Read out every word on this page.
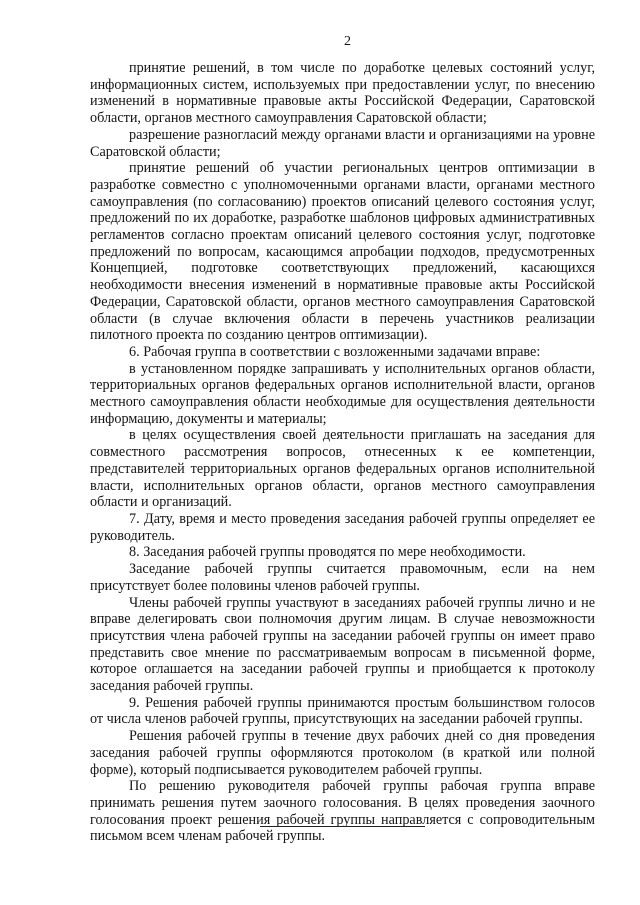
2

принятие решений, в том числе по доработке целевых состояний услуг, информационных систем, используемых при предоставлении услуг, по внесению изменений в нормативные правовые акты Российской Федерации, Саратовской области, органов местного самоуправления Саратовской области;

разрешение разногласий между органами власти и организациями на уровне Саратовской области;

принятие решений об участии региональных центров оптимизации в разработке совместно с уполномоченными органами власти, органами местного самоуправления (по согласованию) проектов описаний целевого состояния услуг, предложений по их доработке, разработке шаблонов цифровых административных регламентов согласно проектам описаний целевого состояния услуг, подготовке предложений по вопросам, касающимся апробации подходов, предусмотренных Концепцией, подготовке соответствующих предложений, касающихся необходимости внесения изменений в нормативные правовые акты Российской Федерации, Саратовской области, органов местного самоуправления Саратовской области (в случае включения области в перечень участников реализации пилотного проекта по созданию центров оптимизации).

6. Рабочая группа в соответствии с возложенными задачами вправе:

в установленном порядке запрашивать у исполнительных органов области, территориальных органов федеральных органов исполнительной власти, органов местного самоуправления области необходимые для осуществления деятельности информацию, документы и материалы;

в целях осуществления своей деятельности приглашать на заседания для совместного рассмотрения вопросов, отнесенных к ее компетенции, представителей территориальных органов федеральных органов исполнительной власти, исполнительных органов области, органов местного самоуправления области и организаций.

7. Дату, время и место проведения заседания рабочей группы определяет ее руководитель.

8. Заседания рабочей группы проводятся по мере необходимости.

Заседание рабочей группы считается правомочным, если на нем присутствует более половины членов рабочей группы.

Члены рабочей группы участвуют в заседаниях рабочей группы лично и не вправе делегировать свои полномочия другим лицам. В случае невозможности присутствия члена рабочей группы на заседании рабочей группы он имеет право представить свое мнение по рассматриваемым вопросам в письменной форме, которое оглашается на заседании рабочей группы и приобщается к протоколу заседания рабочей группы.

9. Решения рабочей группы принимаются простым большинством голосов от числа членов рабочей группы, присутствующих на заседании рабочей группы.

Решения рабочей группы в течение двух рабочих дней со дня проведения заседания рабочей группы оформляются протоколом (в краткой или полной форме), который подписывается руководителем рабочей группы.

По решению руководителя рабочей группы рабочая группа вправе принимать решения путем заочного голосования. В целях проведения заочного голосования проект решения рабочей группы направляется с сопроводительным письмом всем членам рабочей группы.
